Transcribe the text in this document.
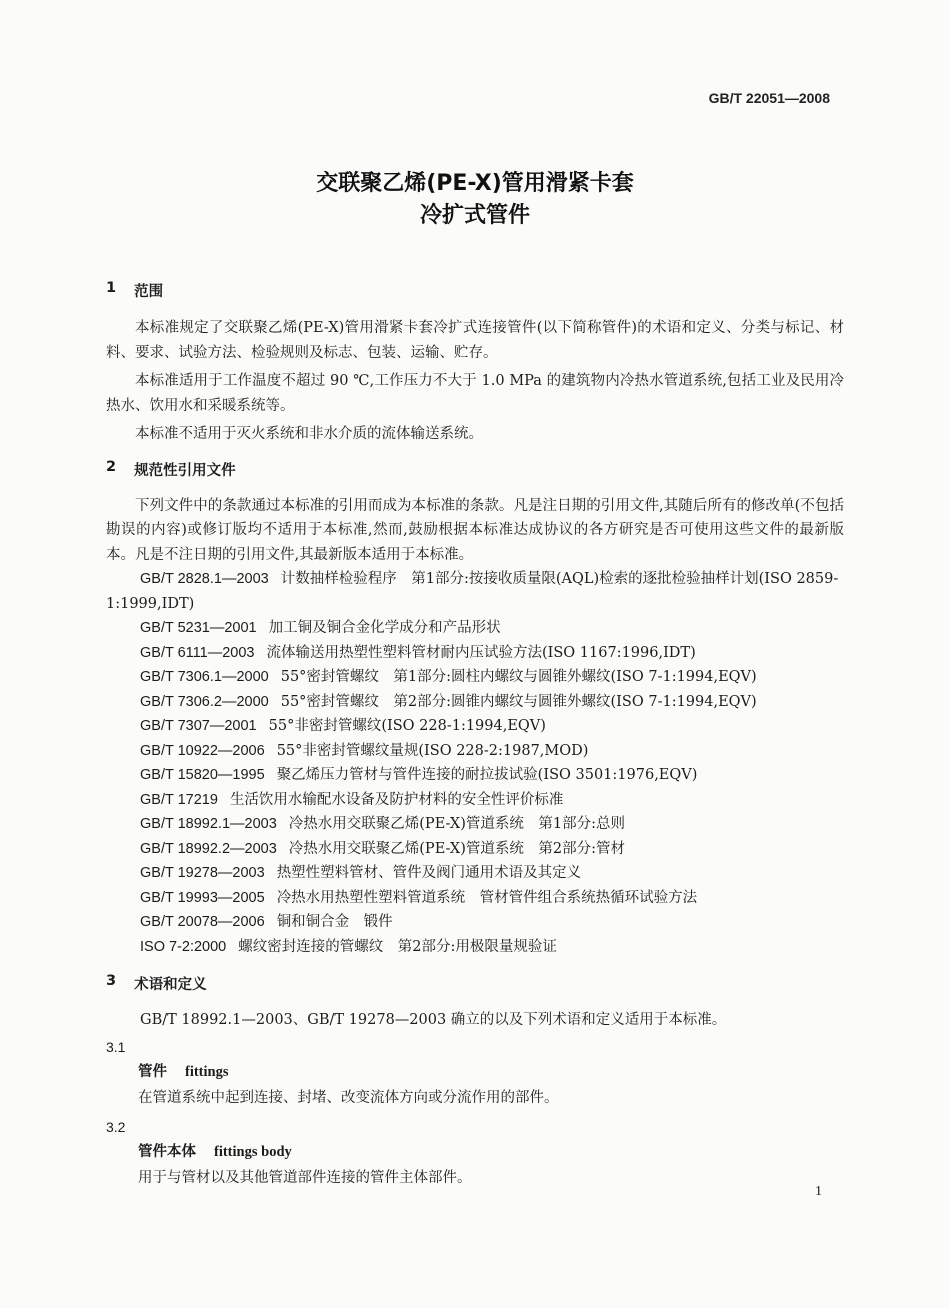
GB/T 22051—2008
交联聚乙烯(PE-X)管用滑紧卡套
冷扩式管件
1 范围

本标准规定了交联聚乙烯(PE-X)管用滑紧卡套冷扩式连接管件(以下简称管件)的术语和定义、分类与标记、材料、要求、试验方法、检验规则及标志、包装、运输、贮存。

本标准适用于工作温度不超过 90 ℃,工作压力不大于 1.0 MPa 的建筑物内冷热水管道系统,包括工业及民用冷热水、饮用水和采暖系统等。

本标准不适用于灭火系统和非水介质的流体输送系统。

2 规范性引用文件

下列文件中的条款通过本标准的引用而成为本标准的条款。凡是注日期的引用文件,其随后所有的修改单(不包括勘误的内容)或修订版均不适用于本标准,然而,鼓励根据本标准达成协议的各方研究是否可使用这些文件的最新版本。凡是不注日期的引用文件,其最新版本适用于本标准。

GB/T 2828.1—2003 计数抽样检验程序　第1部分:按接收质量限(AQL)检索的逐批检验抽样计划(ISO 2859-1:1999,IDT)

GB/T 5231—2001 加工铜及铜合金化学成分和产品形状

GB/T 6111—2003 流体输送用热塑性塑料管材耐内压试验方法(ISO 1167:1996,IDT)

GB/T 7306.1—2000 55°密封管螺纹　第1部分:圆柱内螺纹与圆锥外螺纹(ISO 7-1:1994,EQV)

GB/T 7306.2—2000 55°密封管螺纹　第2部分:圆锥内螺纹与圆锥外螺纹(ISO 7-1:1994,EQV)

GB/T 7307—2001 55°非密封管螺纹(ISO 228-1:1994,EQV)

GB/T 10922—2006 55°非密封管螺纹量规(ISO 228-2:1987,MOD)

GB/T 15820—1995 聚乙烯压力管材与管件连接的耐拉拔试验(ISO 3501:1976,EQV)

GB/T 17219 生活饮用水输配水设备及防护材料的安全性评价标准

GB/T 18992.1—2003 冷热水用交联聚乙烯(PE-X)管道系统　第1部分:总则

GB/T 18992.2—2003 冷热水用交联聚乙烯(PE-X)管道系统　第2部分:管材

GB/T 19278—2003 热塑性塑料管材、管件及阀门通用术语及其定义

GB/T 19993—2005 冷热水用热塑性塑料管道系统　管材管件组合系统热循环试验方法

GB/T 20078—2006 铜和铜合金　锻件

ISO 7-2:2000 螺纹密封连接的管螺纹　第2部分:用极限量规验证

3 术语和定义

GB/T 18992.1—2003、GB/T 19278—2003 确立的以及下列术语和定义适用于本标准。

3.1

管件 fittings

在管道系统中起到连接、封堵、改变流体方向或分流作用的部件。

3.2

管件本体 fittings body

用于与管材以及其他管道部件连接的管件主体部件。

1
